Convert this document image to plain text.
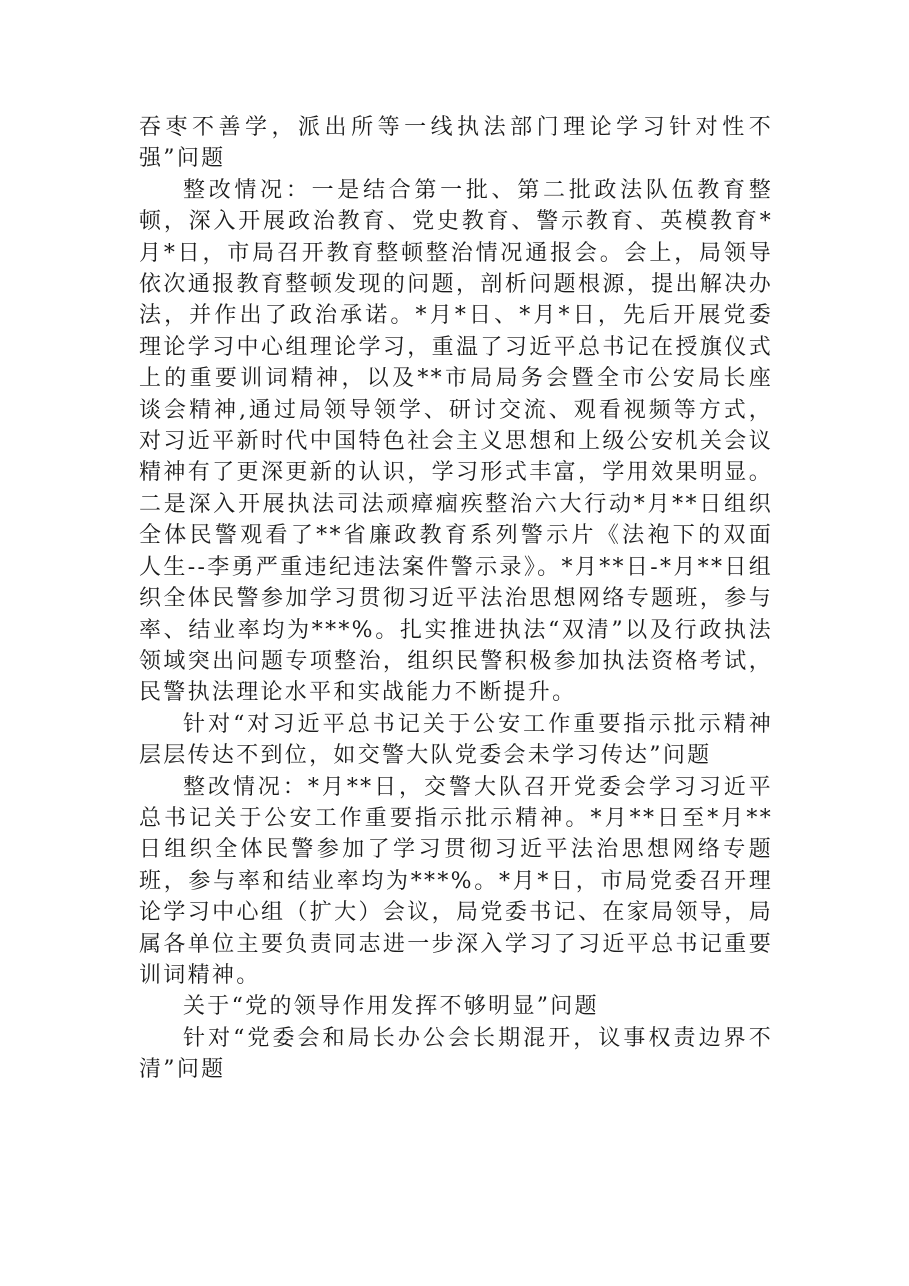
吞枣不善学，派出所等一线执法部门理论学习针对性不强”问题

整改情况：一是结合第一批、第二批政法队伍教育整顿，深入开展政治教育、党史教育、警示教育、英模教育*月*日，市局召开教育整顿整治情况通报会。会上，局领导依次通报教育整顿发现的问题，剖析问题根源，提出解决办法，并作出了政治承诺。*月*日、*月*日，先后开展党委理论学习中心组理论学习，重温了习近平总书记在授旗仪式上的重要训词精神，以及**市局局务会暨全市公安局长座谈会精神,通过局领导领学、研讨交流、观看视频等方式，对习近平新时代中国特色社会主义思想和上级公安机关会议精神有了更深更新的认识，学习形式丰富，学用效果明显。二是深入开展执法司法顽瘴痼疾整治六大行动*月**日组织全体民警观看了**省廉政教育系列警示片《法袍下的双面人生--李勇严重违纪违法案件警示录》。*月**日-*月**日组织全体民警参加学习贯彻习近平法治思想网络专题班，参与率、结业率均为***%。扎实推进执法“双清”以及行政执法领域突出问题专项整治，组织民警积极参加执法资格考试，民警执法理论水平和实战能力不断提升。

针对“对习近平总书记关于公安工作重要指示批示精神层层传达不到位，如交警大队党委会未学习传达”问题

整改情况：*月**日，交警大队召开党委会学习习近平总书记关于公安工作重要指示批示精神。*月**日至*月**日组织全体民警参加了学习贯彻习近平法治思想网络专题班，参与率和结业率均为***%。*月*日，市局党委召开理论学习中心组（扩大）会议，局党委书记、在家局领导，局属各单位主要负责同志进一步深入学习了习近平总书记重要训词精神。

关于“党的领导作用发挥不够明显”问题

针对“党委会和局长办公会长期混开，议事权责边界不清”问题
